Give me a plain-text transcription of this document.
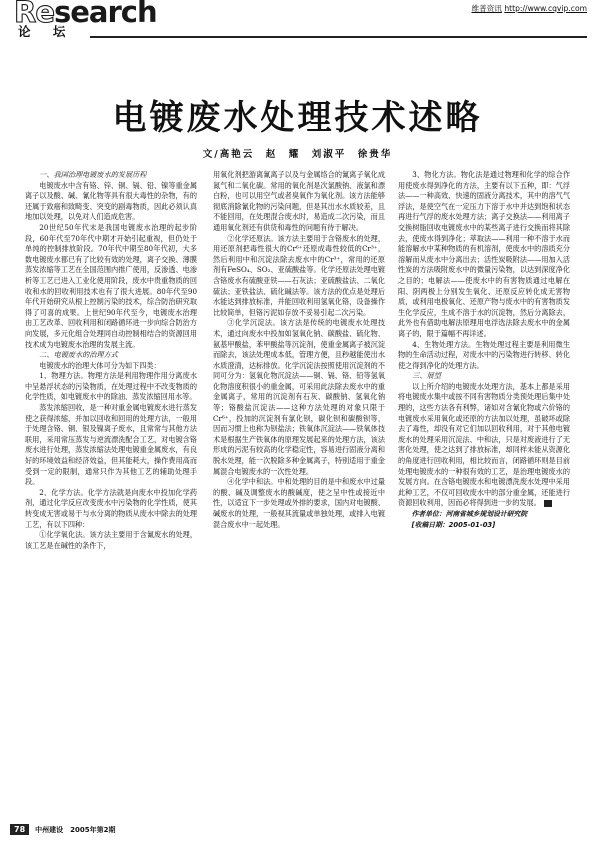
Research
论 坛
维普资讯 http://www.cqvip.com
电镀废水处理技术述略
文/高艳云　赵　耀　刘淑平　徐贵华

一、我国治理电镀废水的发展历程

电镀废水中含有铬、锌、铜、镉、铅、镍等重金属离子以及酸、碱、氰化物等具有很大毒性的杂物，有的还属于致癌和致畸变、突变的剧毒物质，因此必须认真地加以处理，以免对人们造成危害。

20世纪50年代末是我国电镀废水治理的起步阶段，60年代至70年代中期才开始引起重视，但仍处于单纯的控制排放阶段。70年代中期至80年代初，大多数电镀废水都已有了比较有效的处理，离子交换、薄膜蒸发浓缩等工艺在全国范围内推广使用，反渗透、电渗析等工艺已进入工业化使用阶段，废水中贵重物质的回收和水的回收利用技术也有了很大进展。80年代至90年代开始研究从根上控制污染的技术，综合防治研究取得了可喜的成果。上世纪90年代至今，电镀废水治理由工艺改革、回收利用和闭路循环进一步向综合防治方向发展，多元化组合处理同自动控制相结合的资源回用技术成为电镀废水治理的发展主流。

二、电镀废水的治理方式

电镀废水的治理大体可分为如下四类：

1、物理方法。物理方法是利用物理作用分离废水中呈悬浮状态的污染物质，在处理过程中不改变物质的化学性质，如电镀废水中的除油、蒸发浓缩回用水等。

蒸发浓缩回收，是一种对重金属电镀废水进行蒸发使之获得浓缩，并加以回收和回用的处理方法，一般用于处理含铬、铜、银及镍离子废水，且常常与其他方法联用，采用常压蒸发与逆流漂洗配合工艺，对电镀含铬废水进行处理，蒸发浓缩法处理电镀重金属废水，有良好的环境效益和经济效益，但其能耗大，操作费用高而受到一定的限制，通常只作为其他工艺的辅助处理手段。

2、化学方法。化学方法就是向废水中投加化学药剂，通过化学反应改变废水中污染物的化学性质，使其转变成无害或易于与水分离的物质从废水中除去的处理工艺，有以下四种：

①化学氧化法。该方法主要用于含氰废水的处理，该工艺是在碱性的条件下，

用氧化剂把游离氰离子以及与金属络合的氰离子氧化成氮气和二氧化碳。常用的氧化剂是次氯酸钠、液氯和漂白粉，也可以用空气或者臭氧作为氧化剂。该方法能够彻底消除氰化物的污染问题，但是其出水水质较差，且不能回用，在处理混合废水时，易造成二次污染，而且通用氧化剂还有供货和毒性的问题有待于解决。

②化学还原法。该方法主要用于含铬废水的处理，用还原剂把毒性很大的Cr⁶⁺还原成毒性较低的Cr³⁺，然后利用中和沉淀法除去废水中的Cr³⁺，常用的还原剂有FeSO₄、SO₂、亚硫酸盐等。化学还原法处理电镀含铬废水有硫酸亚铁——石灰法；亚硫酸盐法、二氧化硫法；亚铁盐法、硫化碱法等。该方法的优点是处理后水能达到排放标准，并能回收利用氢氧化铬，设备操作比较简单，但铬污泥如存放不妥易引起二次污染。

③化学沉淀法。该方法是传统的电镀废水处理技术，通过向废水中投加如氢氧化钠、碳酸盐、硫化物、氨基甲酸盐，苯甲酸盐等沉淀剂，使重金属离子被沉淀而除去，该法处理成本低，管理方便，且秒越能使出水水质澄清，达标排放。化学沉淀法按照使用沉淀剂的不同可分为：氢氧化物沉淀法——铜、镉、铬、铅等氢氧化物溶度积很小的重金属，可采用此法除去废水中的重金属离子，常用的沉淀剂有石灰、碳酸钠、氢氧化钠等；铬酸盐沉淀法——这种方法处理的对象只限于Cr⁶⁺，投加的沉淀剂有氯化钡，碳化钡和碳酸钡等，因而习惯上也称为钡盐法；铁氧体沉淀法——铁氧体技术是根据生产铁氧体的原理发展起来的处理方法，该法形成的污泥有较高的化学稳定性，容易进行固液分离和脱水处理，能一次脱除多种金属离子，特别适用于重金属混合电镀废水的一次性处理。

④化学中和法。中和处理的目的是中和废水中过量的酸、碱及调整废水的酸碱度，使之呈中性或接近中性，以适宜下一步处理或外排的要求，国内对电镀酸、碱废水的处理，一般视其流量或单独处理，或排入电镀混合废水中一起处理。

3、物化方法。物化法是通过物理和化学的综合作用使废水得到净化的方法，主要有以下五种，即：气浮法——一种高效、快速的固液分离技术，其中的溶气气浮法，是使空气在一定压力下溶于水中并达到饱和状态再进行气浮的废水处理方法；离子交换法——利用离子交换树脂回收电镀废水中的某些离子进行交换而将其除去，使废水得到净化；萃取法——利用一种不溶于水而能溶解水中某种物质的有机溶剂，使废水中的溶质充分溶解而从废水中分离出去；活性炭吸附法——用加入活性炭的方法吸附废水中的微量污染物，以达到深度净化之目的；电解法——使废水中的有害物质通过电解在阳、阴两极上分别发生氧化、还原反应转化成无害物质，或利用电极氧化、还原产物与废水中的有害物质发生化学反应，生成不溶于水的沉淀物，然后分离除去，此外也有借助电解法原理用电浮选法除去废水中的金属离子的，限于篇幅不再详述。

4、生物处理方法。生物处理过程主要是利用微生物的生命活动过程，对废水中的污染物进行转移、转化使之得到净化的处理方法。

三、展望

以上所介绍的电镀废水处理方法，基本上都是采用将电镀废水集中或按不同有害物质分类预处理后集中处理的，这些方法各有利弊，诸如对含氰化物或六价铬的电镀废水采用氧化或还原的方法加以处理，虽破坏或除去了毒性，却没有对它们加以回收利用，对于其他电镀废水的处理采用沉淀法、中和法，只是对废液进行了无害化处理，使之达到了排放标准，却同样未能从资源化的角度进行回收利用，相比较而言，闭路循环则是目前处理电镀废水的一种很有效的工艺，是治理电镀废水的发展方向。在含铬电镀废水和电镀漂洗废水处理中采用此种工艺，不仅可回收废水中的部分重金属，还能进行资源回收利用，因而必将得到进一步的发展。

作者单位：河南省城乡规划设计研究院

[收稿日期：2005-01-03]

78	中州建设　2005年第2期
